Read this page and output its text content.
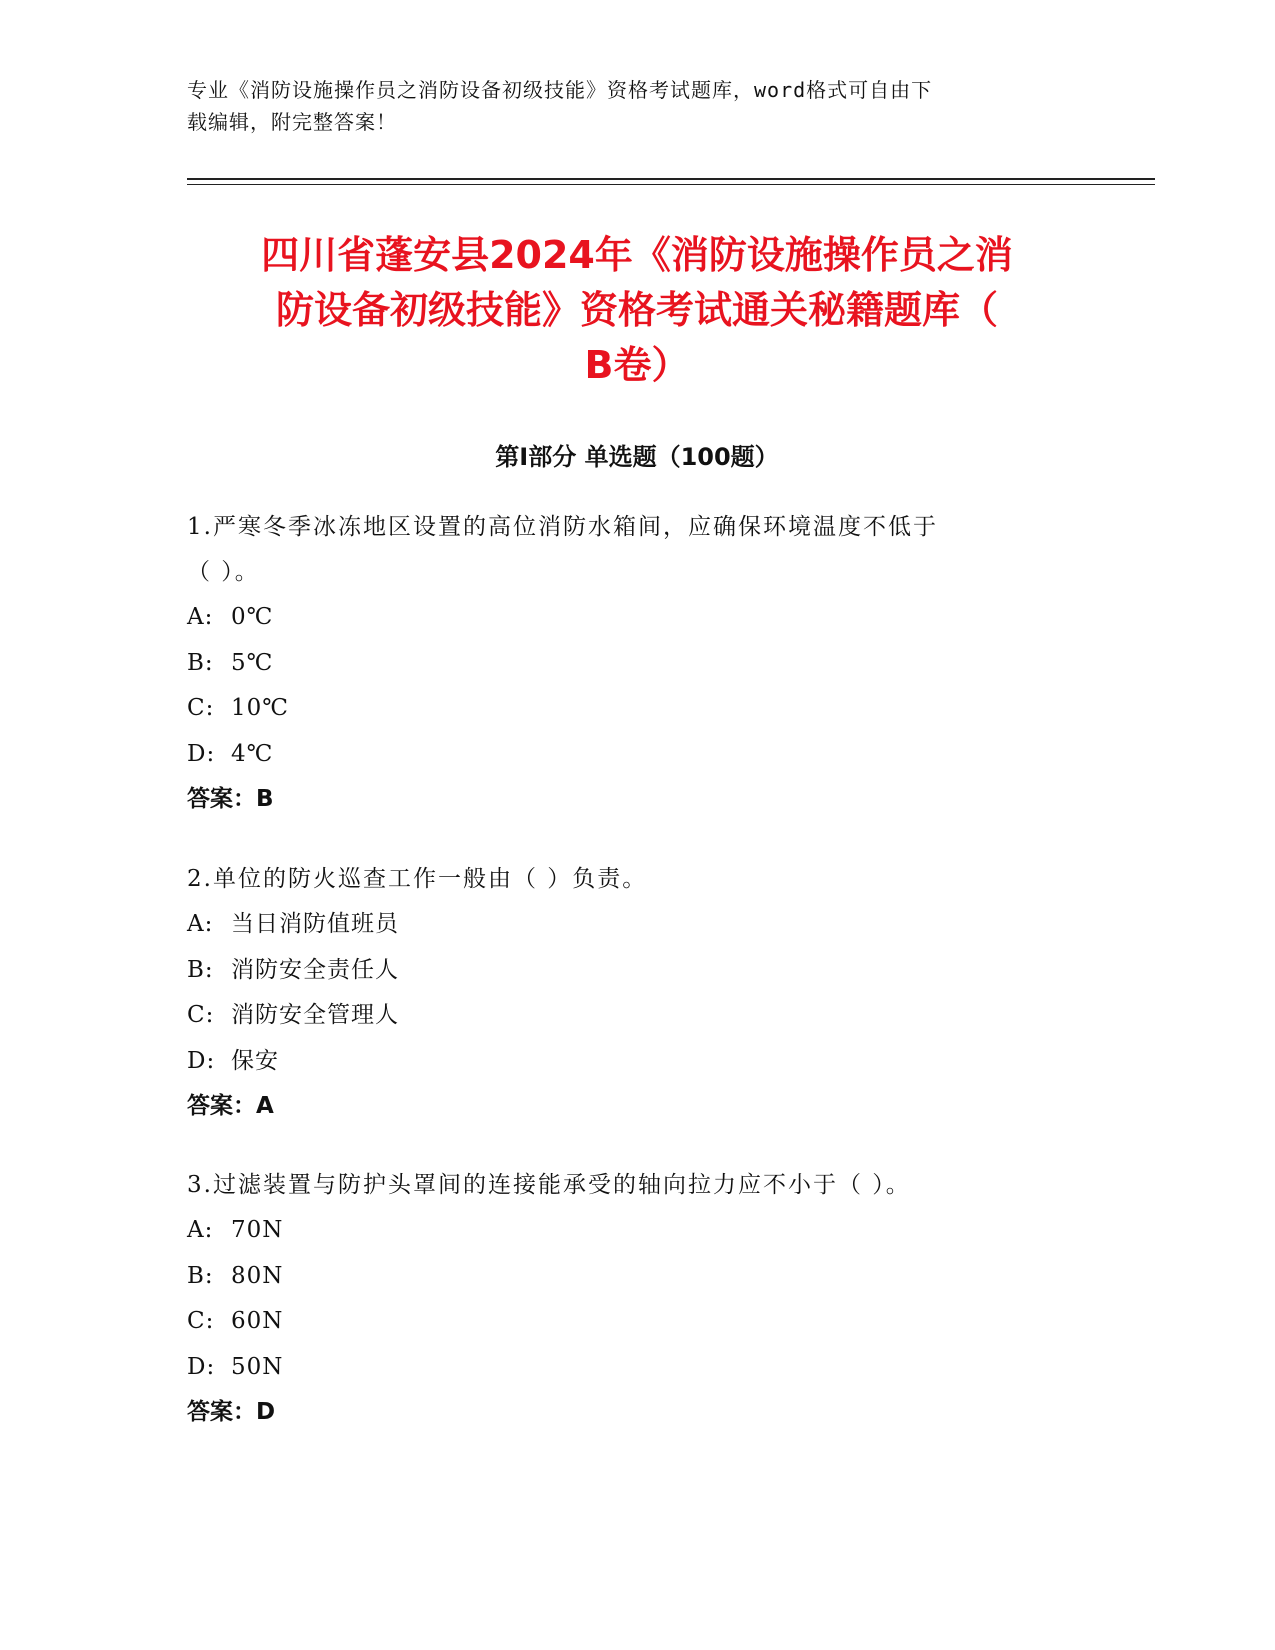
专业《消防设施操作员之消防设备初级技能》资格考试题库，word格式可自由下
载编辑，附完整答案！
四川省蓬安县2024年《消防设施操作员之消
防设备初级技能》资格考试通关秘籍题库（
B卷）
第I部分 单选题（100题）
1.严寒冬季冰冻地区设置的高位消防水箱间，应确保环境温度不低于
（ ）。
A: 0℃
B: 5℃
C: 10℃
D: 4℃
答案：B
2.单位的防火巡查工作一般由（ ）负责。
A: 当日消防值班员
B: 消防安全责任人
C: 消防安全管理人
D: 保安
答案：A
3.过滤装置与防护头罩间的连接能承受的轴向拉力应不小于（ ）。
A: 70N
B: 80N
C: 60N
D: 50N
答案：D
